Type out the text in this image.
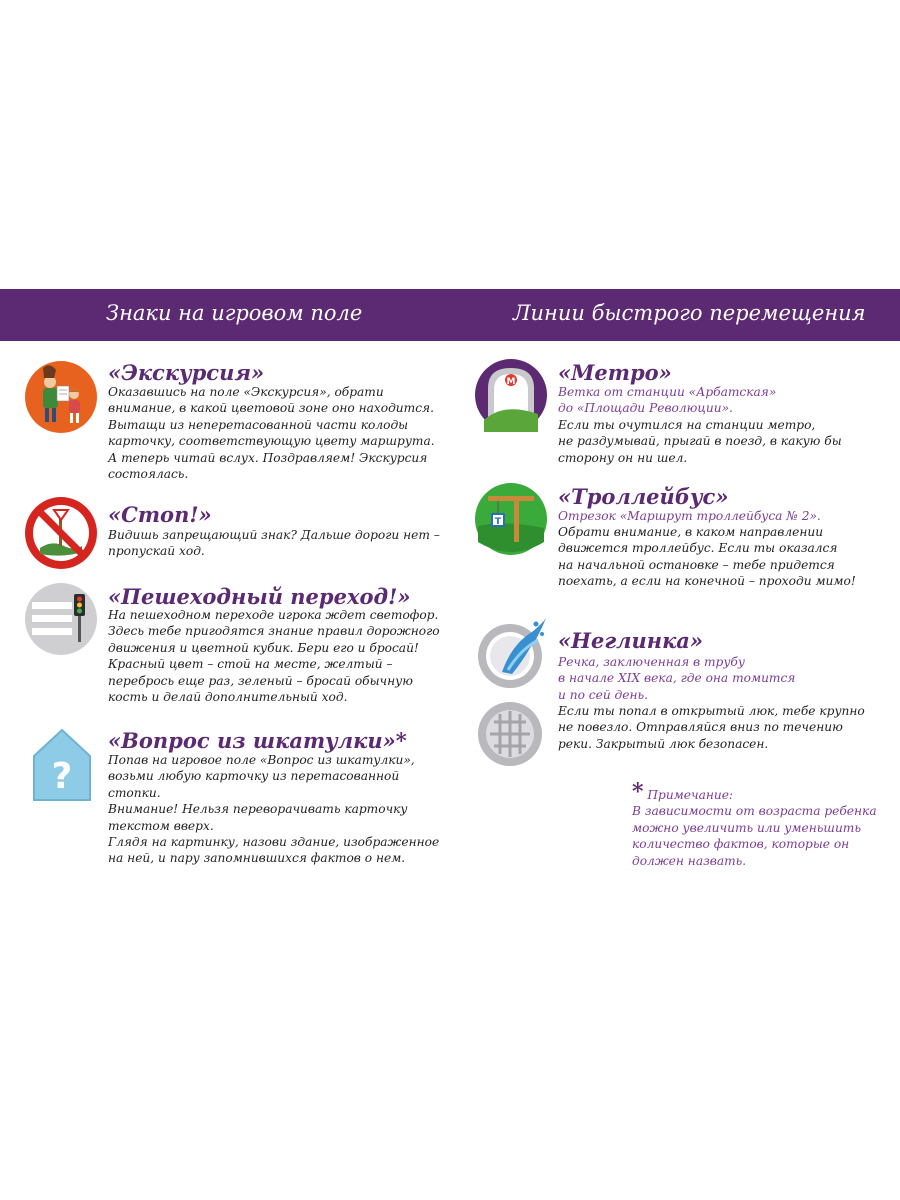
Знаки на игровом поле	Линии быстрого перемещения
«Экскурсия»

Оказавшись на поле «Экскурсия», обрати

внимание, в какой цветовой зоне оно находится.

Вытащи из неперетасованной части колоды

карточку, соответствующую цвету маршрута.

А теперь читай вслух. Поздравляем! Экскурсия

состоялась.

«Стоп!»

Видишь запрещающий знак? Дальше дороги нет –

пропускай ход.

«Пешеходный переход!»

На пешеходном переходе игрока ждет светофор.

Здесь тебе пригодятся знание правил дорожного

движения и цветной кубик. Бери его и бросай!

Красный цвет – стой на месте, желтый –

перебрось еще раз, зеленый – бросай обычную

кость и делай дополнительный ход.

?
«Вопрос из шкатулки»*

Попав на игровое поле «Вопрос из шкатулки»,

возьми любую карточку из перетасованной

стопки.

Внимание! Нельзя переворачивать карточку

текстом вверх.

Глядя на картинку, назови здание, изображенное

на ней, и пару запомнившихся фактов о нем.

M «Метро»

Ветка от станции «Арбатская»

до «Площади Революции».

Если ты очутился на станции метро,

не раздумывай, прыгай в поезд, в какую бы

сторону он ни шел.

T
«Троллейбус»

Отрезок «Маршрут троллейбуса № 2».

Обрати внимание, в каком направлении

движется троллейбус. Если ты оказался

на начальной остановке – тебе придется

поехать, а если на конечной – проходи мимо!

«Неглинка»

Речка, заключенная в трубу

в начале XIX века, где она томится

и по сей день.

Если ты попал в открытый люк, тебе крупно

не повезло. Отправляйся вниз по течению

реки. Закрытый люк безопасен.

* Примечание:

В зависимости от возраста ребенка

можно увеличить или уменьшить

количество фактов, которые он

должен назвать.
